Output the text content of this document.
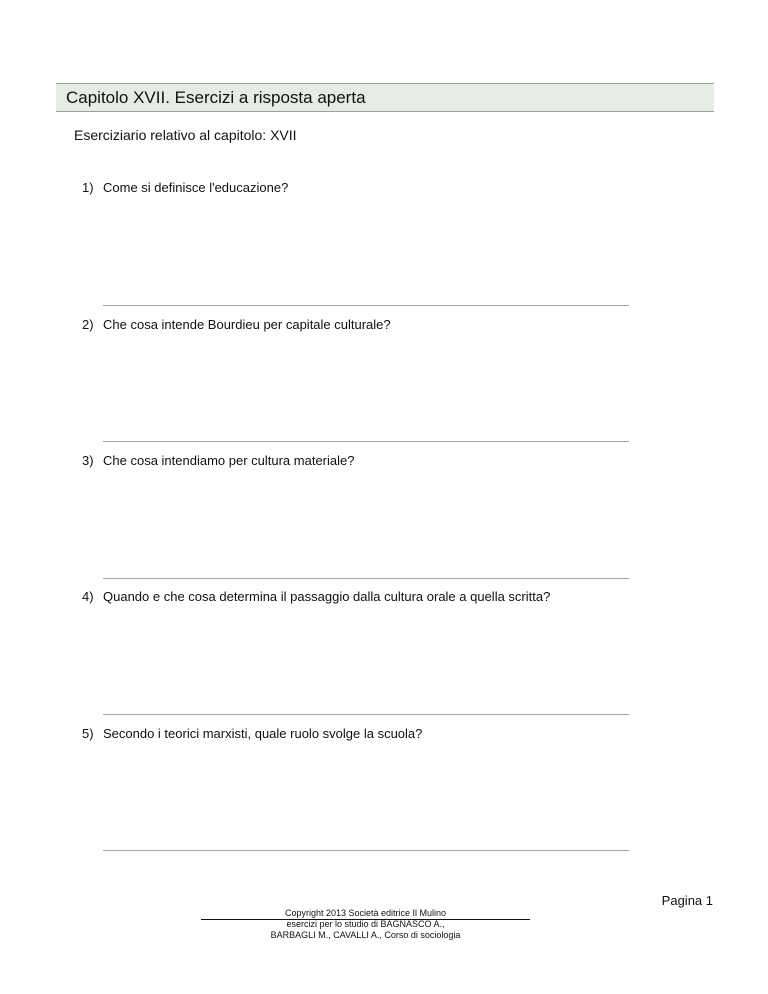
Capitolo XVII. Esercizi a risposta aperta
Eserciziario relativo al capitolo: XVII
1) Come si definisce l'educazione?
2) Che cosa intende Bourdieu per capitale culturale?
3) Che cosa intendiamo per cultura materiale?
4) Quando e che cosa determina il passaggio dalla cultura orale a quella scritta?
5) Secondo i teorici marxisti, quale ruolo svolge la scuola?
Pagina 1
Copyright 2013 Società editrice Il Mulino
esercizi per lo studio di BAGNASCO A.,
BARBAGLI M., CAVALLI A., Corso di sociologia
